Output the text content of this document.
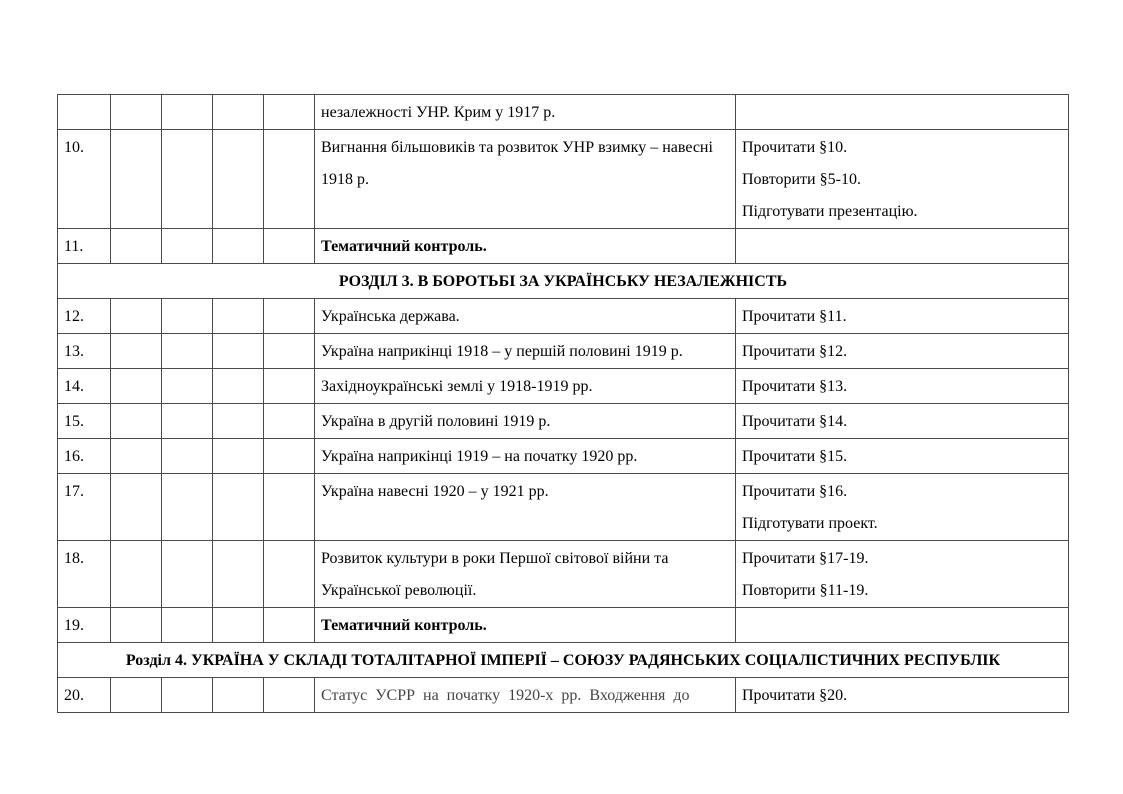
					незалежності УНР. Крим у 1917 р.	
10.					Вигнання більшовиків та розвиток УНР взимку – навесні 1918 р.	Прочитати §10.
Повторити §5-10.
Підготувати презентацію.

11.					Тематичний контроль.	
РОЗДІЛ 3. В БОРОТЬБІ ЗА УКРАЇНСЬКУ НЕЗАЛЕЖНІСТЬ						
12.					Українська держава.	Прочитати §11.

13.					Україна наприкінці 1918 – у першій половині 1919 р.	Прочитати §12.

14.					Західноукраїнські землі у 1918-1919 рр.	Прочитати §13.

15.					Україна в другій половині 1919 р.	Прочитати §14.

16.					Україна наприкінці 1919 – на початку 1920 рр.	Прочитати §15.

17.					Україна навесні 1920 – у 1921 рр.	Прочитати §16.
Підготувати проект.

18.					Розвиток культури в роки Першої світової війни та Української революції.	Прочитати §17-19.
Повторити §11-19.

19.					Тематичний контроль.	
Розділ 4. УКРАЇНА У СКЛАДІ ТОТАЛІТАРНОЇ ІМПЕРІЇ – СОЮЗУ РАДЯНСЬКИХ СОЦІАЛІСТИЧНИХ РЕСПУБЛІК						
20.					Статус УСРР на початку 1920-х рр. Входження до	Прочитати §20.
